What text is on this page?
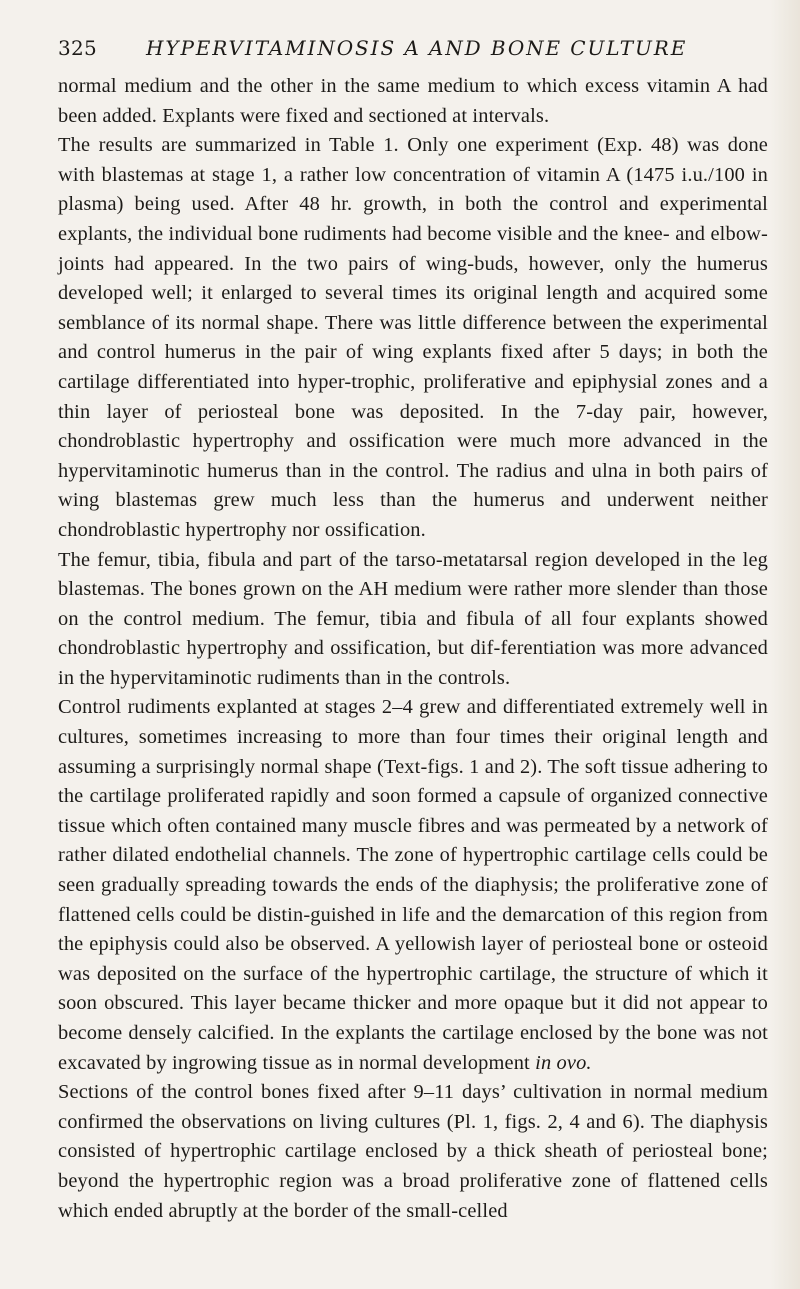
325 HYPERVITAMINOSIS A AND BONE CULTURE

normal medium and the other in the same medium to which excess vitamin A had been added. Explants were fixed and sectioned at intervals.

The results are summarized in Table 1. Only one experiment (Exp. 48) was done with blastemas at stage 1, a rather low concentration of vitamin A (1475 i.u./100 in plasma) being used. After 48 hr. growth, in both the control and experimental explants, the individual bone rudiments had become visible and the knee- and elbow-joints had appeared. In the two pairs of wing-buds, however, only the humerus developed well; it enlarged to several times its original length and acquired some semblance of its normal shape. There was little difference between the experimental and control humerus in the pair of wing explants fixed after 5 days; in both the cartilage differentiated into hyper-trophic, proliferative and epiphysial zones and a thin layer of periosteal bone was deposited. In the 7-day pair, however, chondroblastic hypertrophy and ossification were much more advanced in the hypervitaminotic humerus than in the control. The radius and ulna in both pairs of wing blastemas grew much less than the humerus and underwent neither chondroblastic hypertrophy nor ossification.

The femur, tibia, fibula and part of the tarso-metatarsal region developed in the leg blastemas. The bones grown on the AH medium were rather more slender than those on the control medium. The femur, tibia and fibula of all four explants showed chondroblastic hypertrophy and ossification, but dif-ferentiation was more advanced in the hypervitaminotic rudiments than in the controls.

Control rudiments explanted at stages 2–4 grew and differentiated extremely well in cultures, sometimes increasing to more than four times their original length and assuming a surprisingly normal shape (Text-figs. 1 and 2). The soft tissue adhering to the cartilage proliferated rapidly and soon formed a capsule of organized connective tissue which often contained many muscle fibres and was permeated by a network of rather dilated endothelial channels. The zone of hypertrophic cartilage cells could be seen gradually spreading towards the ends of the diaphysis; the proliferative zone of flattened cells could be distin-guished in life and the demarcation of this region from the epiphysis could also be observed. A yellowish layer of periosteal bone or osteoid was deposited on the surface of the hypertrophic cartilage, the structure of which it soon obscured. This layer became thicker and more opaque but it did not appear to become densely calcified. In the explants the cartilage enclosed by the bone was not excavated by ingrowing tissue as in normal development in ovo.

Sections of the control bones fixed after 9–11 days’ cultivation in normal medium confirmed the observations on living cultures (Pl. 1, figs. 2, 4 and 6). The diaphysis consisted of hypertrophic cartilage enclosed by a thick sheath of periosteal bone; beyond the hypertrophic region was a broad proliferative zone of flattened cells which ended abruptly at the border of the small-celled
